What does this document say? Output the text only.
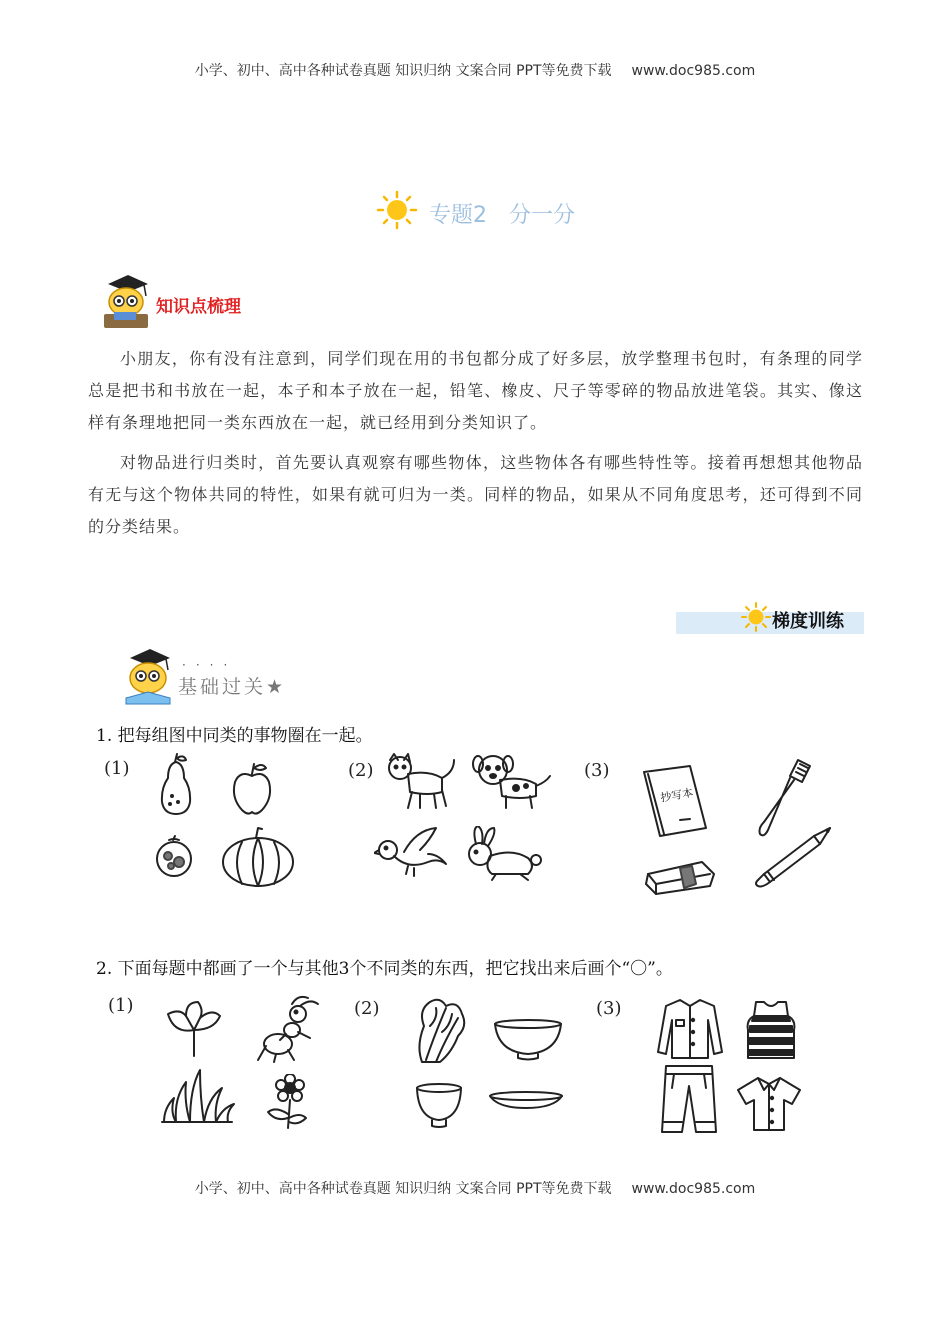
小学、初中、高中各种试卷真题 知识归纳 文案合同 PPT等免费下载 www.doc985.com
专题2 分一分
知识点梳理

小朋友，你有没有注意到，同学们现在用的书包都分成了好多层，放学整理书包时，有条理的同学总是把书和书放在一起，本子和本子放在一起，铅笔、橡皮、尺子等零碎的物品放进笔袋。其实、像这样有条理地把同一类东西放在一起，就已经用到分类知识了。

对物品进行归类时，首先要认真观察有哪些物体，这些物体各有哪些特性等。接着再想想其他物品有无与这个物体共同的特性，如果有就可归为一类。同样的物品，如果从不同角度思考，还可得到不同的分类结果。

梯度训练
····
基础过关★

1. 把每组图中同类的事物圈在一起。

(1)	(2)	(3)
抄写本

2. 下面每题中都画了一个与其他3个不同类的东西，把它找出来后画个“〇”。

(1)	(2)	(3)
小学、初中、高中各种试卷真题 知识归纳 文案合同 PPT等免费下载 www.doc985.com
